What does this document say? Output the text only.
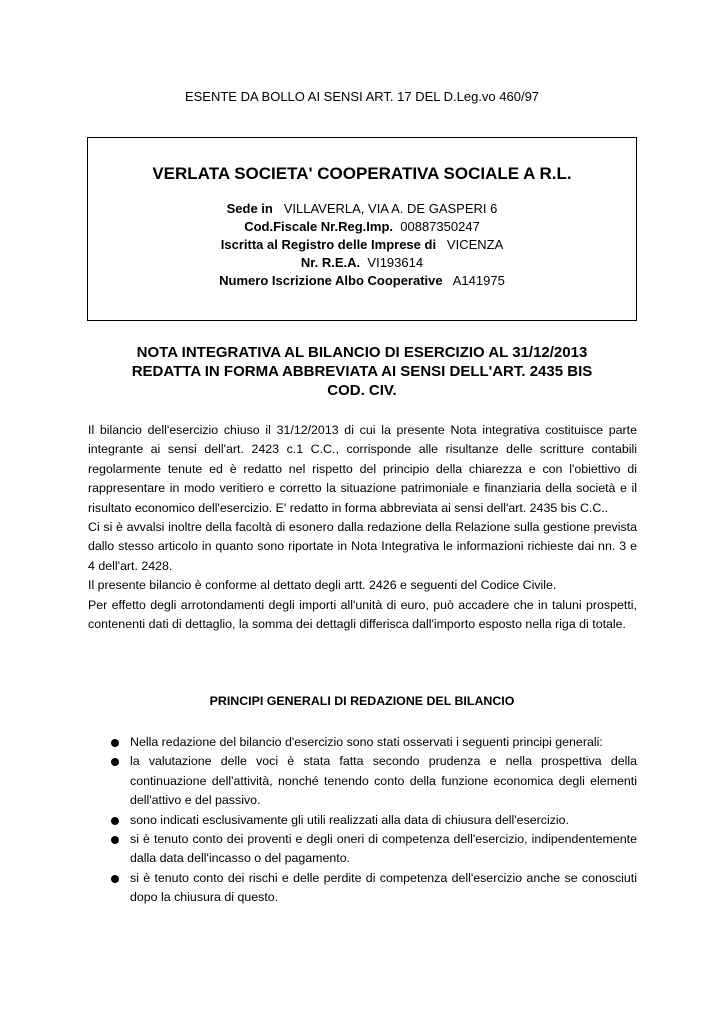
ESENTE DA BOLLO AI SENSI ART. 17 DEL D.Leg.vo 460/97
VERLATA SOCIETA' COOPERATIVA SOCIALE A R.L.
Sede in VILLAVERLA, VIA A. DE GASPERI 6
Cod.Fiscale Nr.Reg.Imp. 00887350247
Iscritta al Registro delle Imprese di VICENZA
Nr. R.E.A. VI193614
Numero Iscrizione Albo Cooperative A141975
NOTA INTEGRATIVA AL BILANCIO DI ESERCIZIO AL 31/12/2013
REDATTA IN FORMA ABBREVIATA AI SENSI DELL'ART. 2435 BIS
COD. CIV.

Il bilancio dell'esercizio chiuso il 31/12/2013 di cui la presente Nota integrativa costituisce parte integrante ai sensi dell'art. 2423 c.1 C.C., corrisponde alle risultanze delle scritture contabili regolarmente tenute ed è redatto nel rispetto del principio della chiarezza e con l'obiettivo di rappresentare in modo veritiero e corretto la situazione patrimoniale e finanziaria della società e il risultato economico dell'esercizio. E' redatto in forma abbreviata ai sensi dell'art. 2435 bis C.C..

Ci si è avvalsi inoltre della facoltà di esonero dalla redazione della Relazione sulla gestione prevista dallo stesso articolo in quanto sono riportate in Nota Integrativa le informazioni richieste dai nn. 3 e 4 dell'art. 2428.

Il presente bilancio è conforme al dettato degli artt. 2426 e seguenti del Codice Civile.

Per effetto degli arrotondamenti degli importi all'unità di euro, può accadere che in taluni prospetti, contenenti dati di dettaglio, la somma dei dettagli differisca dall'importo esposto nella riga di totale.

PRINCIPI GENERALI DI REDAZIONE DEL BILANCIO
Nella redazione del bilancio d'esercizio sono stati osservati i seguenti principi generali:
la valutazione delle voci è stata fatta secondo prudenza e nella prospettiva della continuazione dell'attività, nonché tenendo conto della funzione economica degli elementi dell'attivo e del passivo.
sono indicati esclusivamente gli utili realizzati alla data di chiusura dell'esercizio.
si è tenuto conto dei proventi e degli oneri di competenza dell'esercizio, indipendentemente dalla data dell'incasso o del pagamento.
si è tenuto conto dei rischi e delle perdite di competenza dell'esercizio anche se conosciuti dopo la chiusura di questo.
